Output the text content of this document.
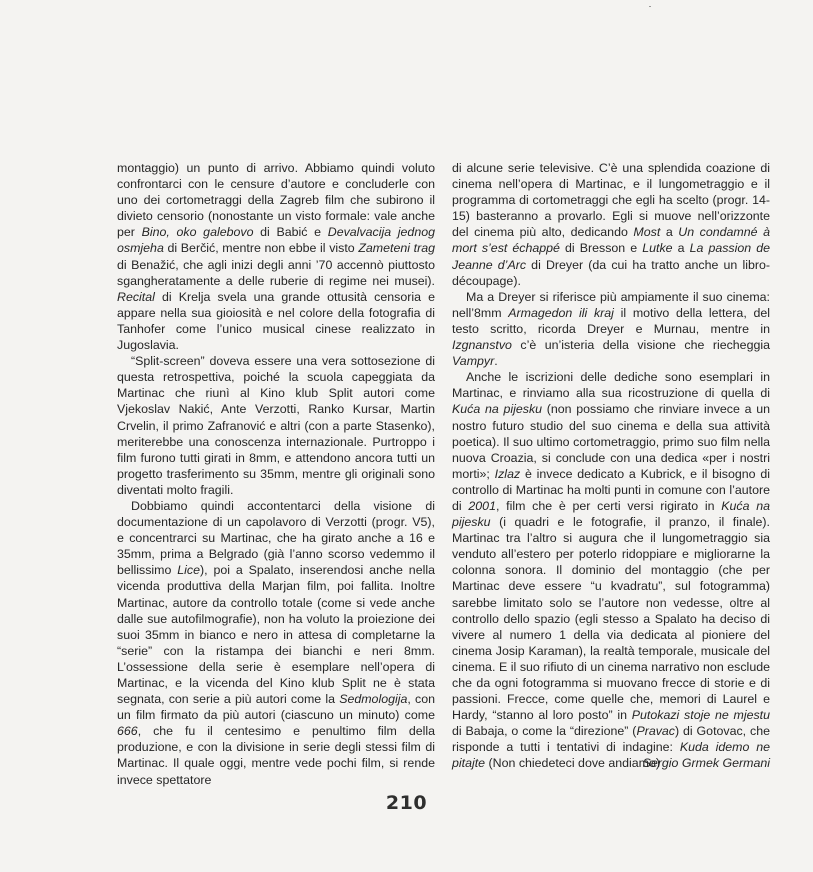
montaggio) un punto di arrivo. Abbiamo quindi voluto confrontarci con le censure d’autore e concluderle con uno dei cortometraggi della Zagreb film che subirono il divieto censorio (nonostante un visto formale: vale anche per Bino, oko galebovo di Babić e Devalvacija jednog osmjeha di Berčić, mentre non ebbe il visto Zameteni trag di Benažić, che agli inizi degli anni ’70 accennò piuttosto sgangheratamente a delle ruberie di regime nei musei). Recital di Krelja svela una grande ottusità censoria e appare nella sua gioiosità e nel colore della fotografia di Tanhofer come l’unico musical cinese realizzato in Jugoslavia.

“Split-screen” doveva essere una vera sottosezione di questa retrospettiva, poiché la scuola capeggiata da Martinac che riunì al Kino klub Split autori come Vjekoslav Nakić, Ante Verzotti, Ranko Kursar, Martin Crvelin, il primo Zafranović e altri (con a parte Stasenko), meriterebbe una conoscenza internazionale. Purtroppo i film furono tutti girati in 8mm, e attendono ancora tutti un progetto trasferimento su 35mm, mentre gli originali sono diventati molto fragili.

Dobbiamo quindi accontentarci della visione di documentazione di un capolavoro di Verzotti (progr. V5), e concentrarci su Martinac, che ha girato anche a 16 e 35mm, prima a Belgrado (già l’anno scorso vedemmo il bellissimo Lice), poi a Spalato, inserendosi anche nella vicenda produttiva della Marjan film, poi fallita. Inoltre Martinac, autore da controllo totale (come si vede anche dalle sue autofilmografie), non ha voluto la proiezione dei suoi 35mm in bianco e nero in attesa di completarne la “serie” con la ristampa dei bianchi e neri 8mm. L’ossessione della serie è esemplare nell’opera di Martinac, e la vicenda del Kino klub Split ne è stata segnata, con serie a più autori come la Sedmologija, con un film firmato da più autori (ciascuno un minuto) come 666, che fu il centesimo e penultimo film della produzione, e con la divisione in serie degli stessi film di Martinac. Il quale oggi, mentre vede pochi film, si rende invece spettatore

di alcune serie televisive. C’è una splendida coazione di cinema nell’opera di Martinac, e il lungometraggio e il programma di cortometraggi che egli ha scelto (progr. 14-15) basteranno a provarlo. Egli si muove nell’orizzonte del cinema più alto, dedicando Most a Un condamné à mort s’est échappé di Bresson e Lutke a La passion de Jeanne d’Arc di Dreyer (da cui ha tratto anche un libro-découpage).

Ma a Dreyer si riferisce più ampiamente il suo cinema: nell’8mm Armagedon ili kraj il motivo della lettera, del testo scritto, ricorda Dreyer e Murnau, mentre in Izgnanstvo c’è un’isteria della visione che riecheggia Vampyr.

Anche le iscrizioni delle dediche sono esemplari in Martinac, e rinviamo alla sua ricostruzione di quella di Kuća na pijesku (non possiamo che rinviare invece a un nostro futuro studio del suo cinema e della sua attività poetica). Il suo ultimo cortometraggio, primo suo film nella nuova Croazia, si conclude con una dedica «per i nostri morti»; Izlaz è invece dedicato a Kubrick, e il bisogno di controllo di Martinac ha molti punti in comune con l’autore di 2001, film che è per certi versi rigirato in Kuća na pijesku (i quadri e le fotografie, il pranzo, il finale). Martinac tra l’altro si augura che il lungometraggio sia venduto all’estero per poterlo ridoppiare e migliorarne la colonna sonora. Il dominio del montaggio (che per Martinac deve essere “u kvadratu”, sul fotogramma) sarebbe limitato solo se l’autore non vedesse, oltre al controllo dello spazio (egli stesso a Spalato ha deciso di vivere al numero 1 della via dedicata al pioniere del cinema Josip Karaman), la realtà temporale, musicale del cinema. E il suo rifiuto di un cinema narrativo non esclude che da ogni fotogramma si muovano frecce di storie e di passioni. Frecce, come quelle che, memori di Laurel e Hardy, “stanno al loro posto” in Putokazi stoje ne mjestu di Babaja, o come la “direzione” (Pravac) di Gotovac, che risponde a tutti i tentativi di indagine: Kuda idemo ne pitajte (Non chiedeteci dove andiamo)

Sergio Grmek Germani
210
